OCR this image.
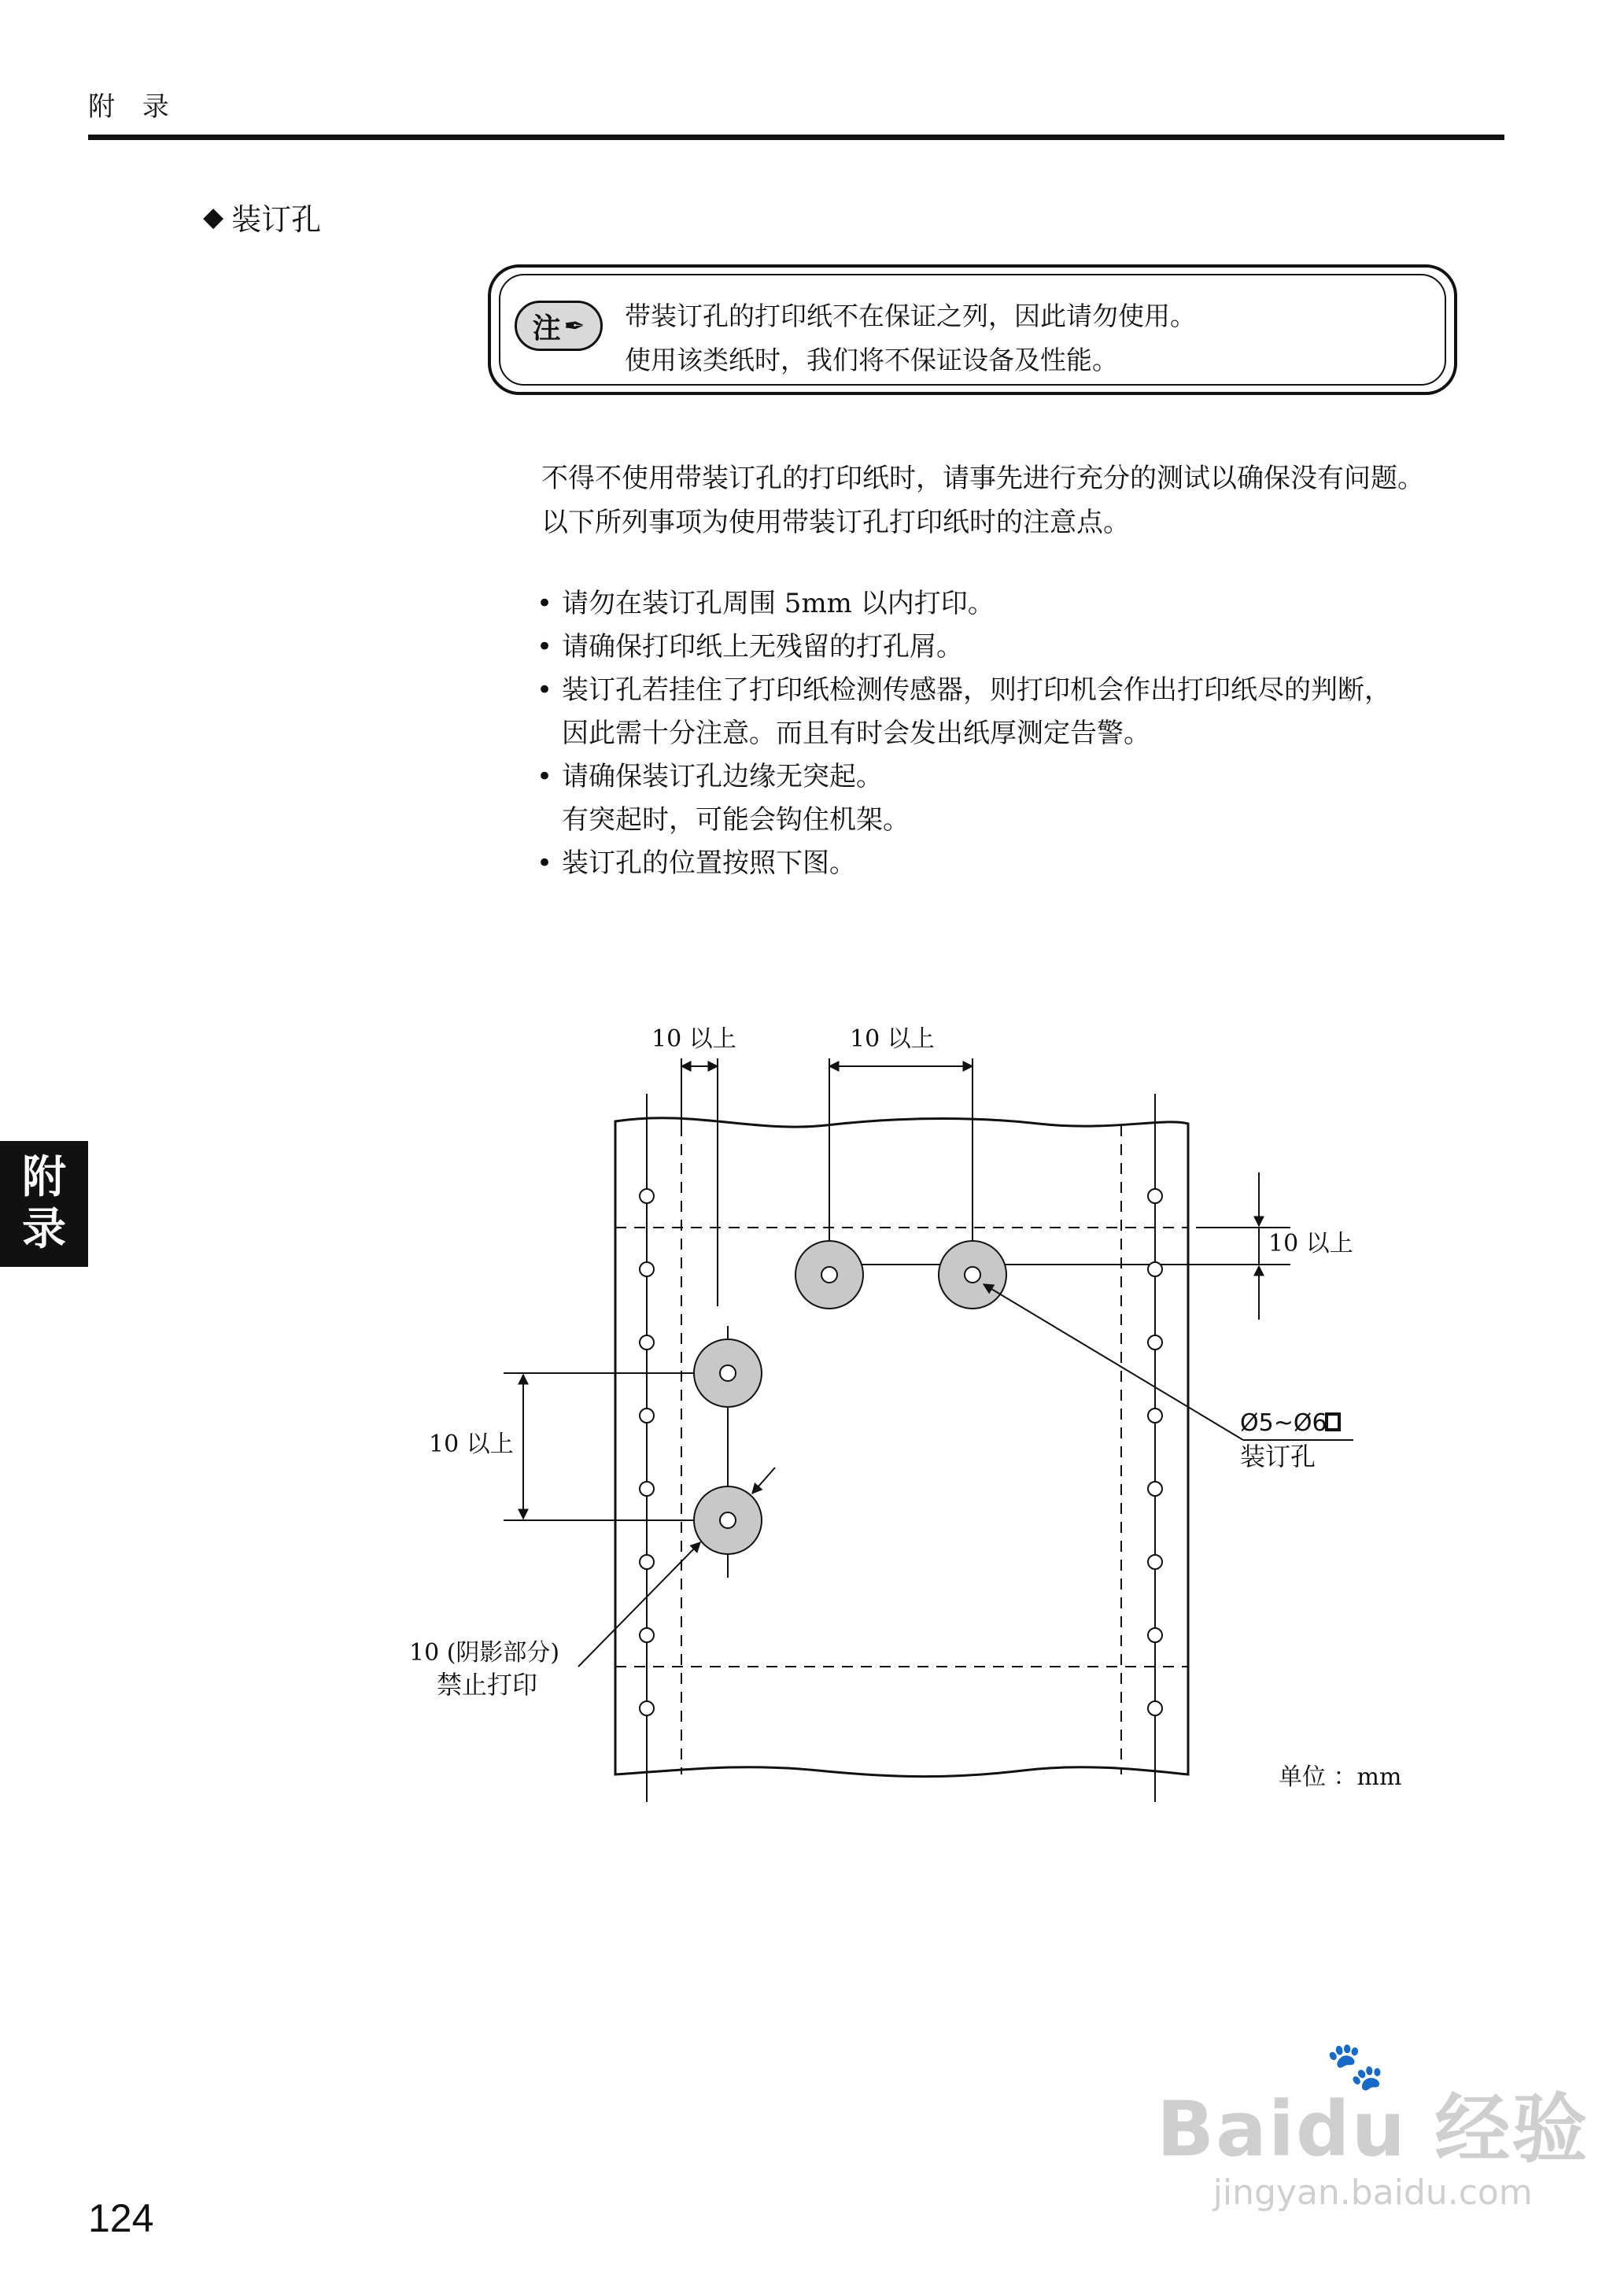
附 录
◆ 装订孔
注 ✒ 带装订孔的打印纸不在保证之列，因此请勿使用。
使用该类纸时，我们将不保证设备及性能。
不得不使用带装订孔的打印纸时，请事先进行充分的测试以确保没有问题。
以下所列事项为使用带装订孔打印纸时的注意点。
• 请勿在装订孔周围 5mm 以内打印。
• 请确保打印纸上无残留的打孔屑。
• 装订孔若挂住了打印纸检测传感器，则打印机会作出打印纸尽的判断，
因此需十分注意。而且有时会发出纸厚测定告警。
• 请确保装订孔边缘无突起。
有突起时，可能会钩住机架。
• 装订孔的位置按照下图。
10 以上	10 以上
10 以上
10 以上
Ø5~Ø6
装订孔
10 (阴影部分)
禁止打印
单位 ：mm
附
录
124
🐾
Baidu 经验
jingyan.baidu.com
